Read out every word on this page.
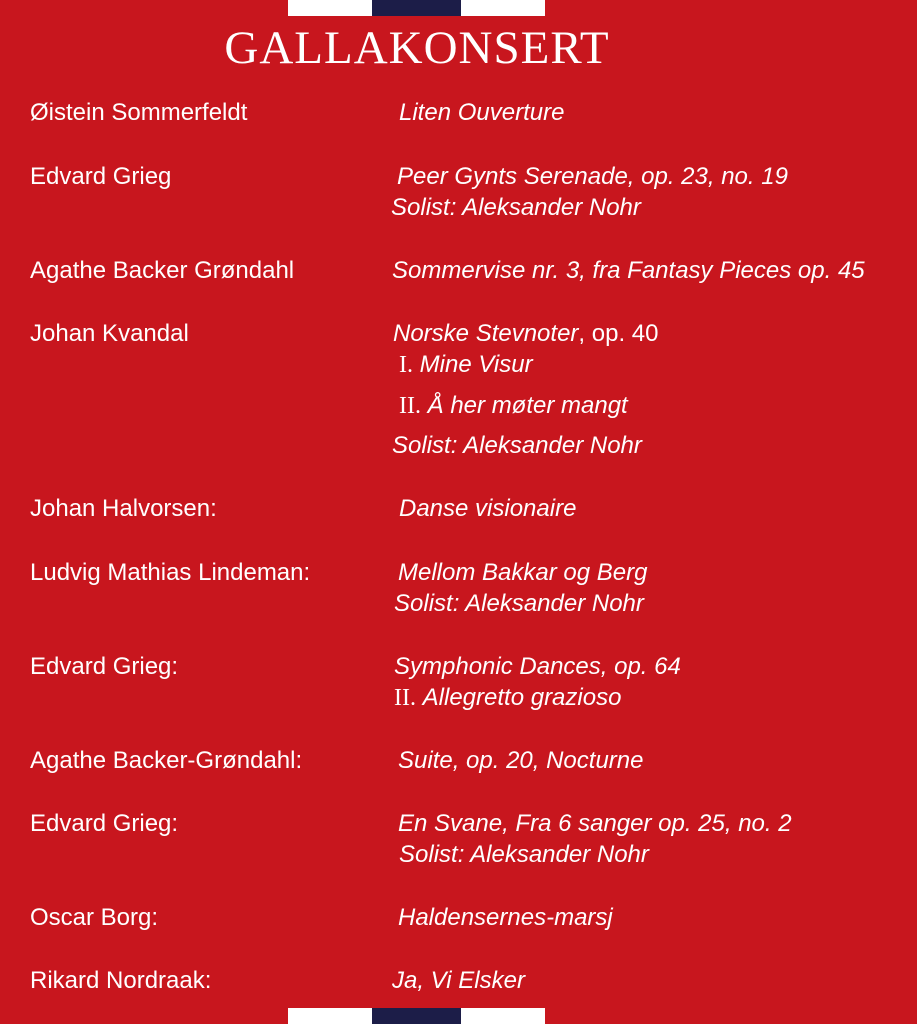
GALLAKONSERT
Øistein Sommerfeldt	Liten Ouverture
Edvard Grieg	Peer Gynts Serenade, op. 23, no. 19
Solist: Aleksander Nohr
Agathe Backer Grøndahl	Sommervise nr. 3, fra Fantasy Pieces op. 45
Johan Kvandal	Norske Stevnoter, op. 40
I. Mine Visur
II. Å her møter mangt
Solist: Aleksander Nohr
Johan Halvorsen:	Danse visionaire
Ludvig Mathias Lindeman:	Mellom Bakkar og Berg
Solist: Aleksander Nohr
Edvard Grieg:	Symphonic Dances, op. 64
II. Allegretto grazioso
Agathe Backer-Grøndahl:	Suite, op. 20, Nocturne
Edvard Grieg:	En Svane, Fra 6 sanger op. 25, no. 2
Solist: Aleksander Nohr
Oscar Borg:	Haldensernes-marsj
Rikard Nordraak:	Ja, Vi Elsker
